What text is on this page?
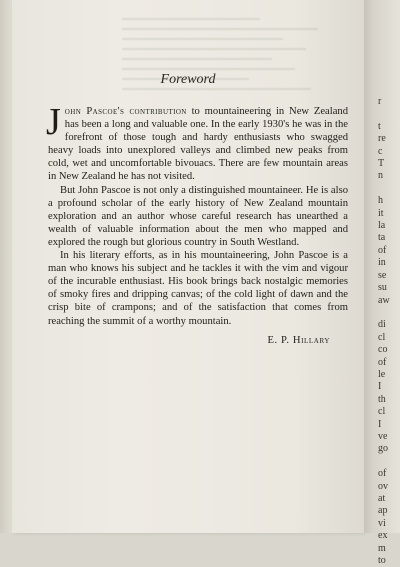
Foreword

John Pascoe's contribution to mountaineering in New Zealand has been a long and valuable one. In the early 1930's he was in the forefront of those tough and hardy enthusiasts who swagged heavy loads into unexplored valleys and climbed new peaks from cold, wet and uncomfortable bivouacs. There are few mountain areas in New Zealand he has not visited.

But John Pascoe is not only a distinguished mountaineer. He is also a profound scholar of the early history of New Zealand mountain exploration and an author whose careful research has unearthed a wealth of valuable information about the men who mapped and explored the rough but glorious country in South Westland.

In his literary efforts, as in his mountaineering, John Pascoe is a man who knows his subject and he tackles it with the vim and vigour of the incurable enthusiast. His book brings back nostalgic memories of smoky fires and dripping canvas; of the cold light of dawn and the crisp bite of crampons; and of the satisfaction that comes from reaching the summit of a worthy mountain.

E. P. Hillary
r

t
re
c
T
n

h
it
la
ta
of
in
se
su
aw

di
cl
co
of
le
I
th
cl
I
ve
go

of
ov
at
ap
vi
ex
m
to
